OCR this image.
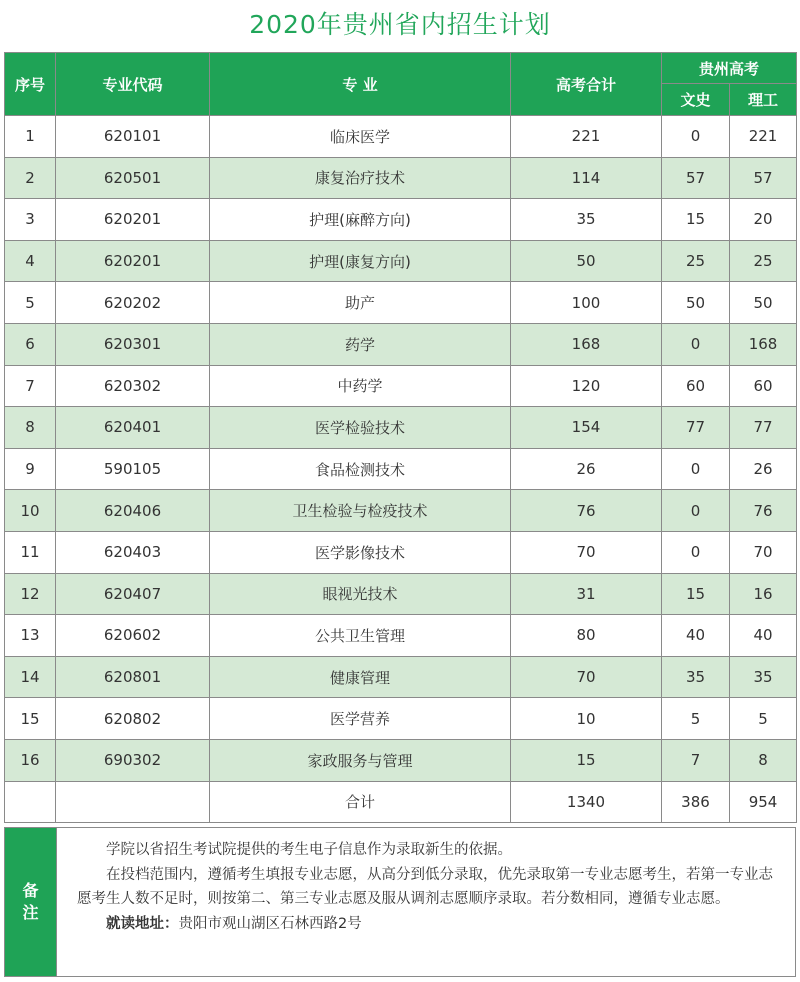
2020年贵州省内招生计划
序号	专业代码	专 业	高考合计	贵州高考	
				文史	理工
1	620101	临床医学	221	0	221
2	620501	康复治疗技术	114	57	57
3	620201	护理(麻醉方向)	35	15	20
4	620201	护理(康复方向)	50	25	25
5	620202	助产	100	50	50
6	620301	药学	168	0	168
7	620302	中药学	120	60	60
8	620401	医学检验技术	154	77	77
9	590105	食品检测技术	26	0	26
10	620406	卫生检验与检疫技术	76	0	76
11	620403	医学影像技术	70	0	70
12	620407	眼视光技术	31	15	16
13	620602	公共卫生管理	80	40	40
14	620801	健康管理	70	35	35
15	620802	医学营养	10	5	5
16	690302	家政服务与管理	15	7	8
		合计	1340	386	954
备
注

学院以省招生考试院提供的考生电子信息作为录取新生的依据。

在投档范围内，遵循考生填报专业志愿，从高分到低分录取，优先录取第一专业志愿考生，若第一专业志愿考生人数不足时，则按第二、第三专业志愿及服从调剂志愿顺序录取。若分数相同，遵循专业志愿。

就读地址：贵阳市观山湖区石林西路2号
